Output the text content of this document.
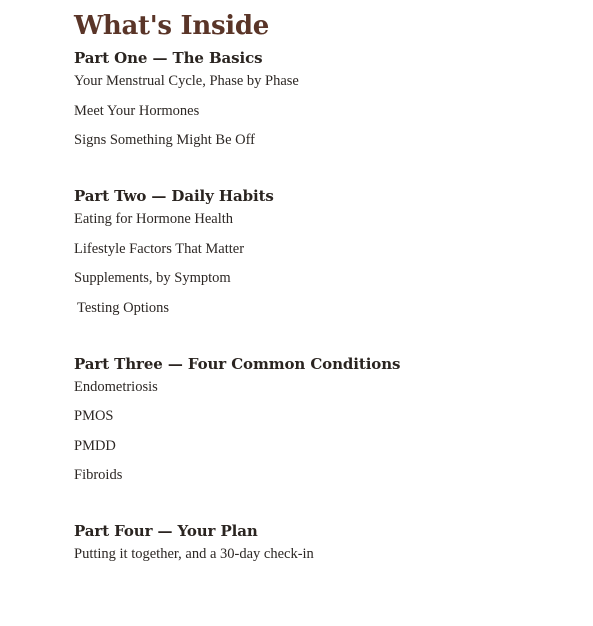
What's Inside
Part One — The Basics
Your Menstrual Cycle, Phase by Phase
Meet Your Hormones
Signs Something Might Be Off
Part Two — Daily Habits
Eating for Hormone Health
Lifestyle Factors That Matter
Supplements, by Symptom
Testing Options
Part Three — Four Common Conditions
Endometriosis
PMOS
PMDD
Fibroids
Part Four — Your Plan
Putting it together, and a 30-day check-in
